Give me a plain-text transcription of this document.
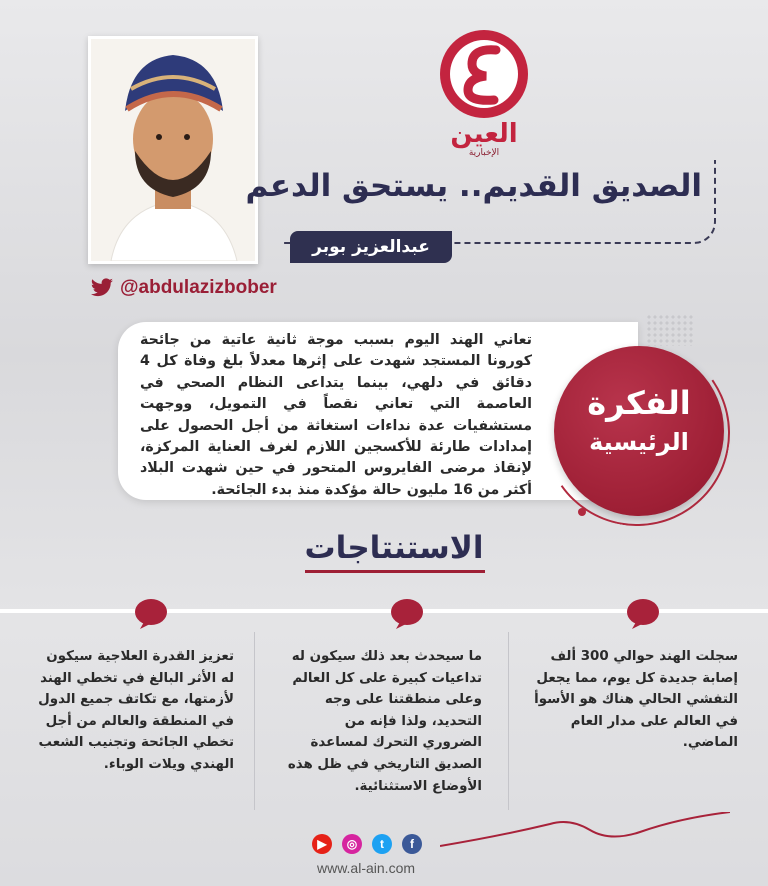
@abdulazizbober
العين
الإخبارية
الصديق القديم.. يستحق الدعم
عبدالعزيز بوبر

تعاني الهند اليوم بسبب موجة ثانية عاتية من جائحة كورونا المستجد شهدت على إثرها معدلاً بلغ وفاة كل 4 دقائق في دلهي، بينما يتداعى النظام الصحي في العاصمة التي تعاني نقصاً في التمويل، ووجهت مستشفيات عدة نداءات استغاثة من أجل الحصول على إمدادات طارئة للأكسجين اللازم لغرف العناية المركزة، لإنقاذ مرضى الفايروس المتحور في حين شهدت البلاد أكثر من 16 مليون حالة مؤكدة منذ بدء الجائحة.

الفكرة
الرئيسية
الاستنتاجات

سجلت الهند حوالي 300 ألف إصابة جديدة كل يوم، مما يجعل التفشي الحالي هناك هو الأسوأ في العالم على مدار العام الماضي.

ما سيحدث بعد ذلك سيكون له تداعيات كبيرة على كل العالم وعلى منطقتنا على وجه التحديد، ولذا فإنه من الضروري التحرك لمساعدة الصديق التاريخي في ظل هذه الأوضاع الاستثنائية.

تعزيز القدرة العلاجية سيكون له الأثر البالغ في تخطي الهند لأزمتها، مع تكاتف جميع الدول في المنطقة والعالم من أجل تخطي الجائحة وتجنيب الشعب الهندي ويلات الوباء.

▶	◎	t	f
www.al-ain.com
